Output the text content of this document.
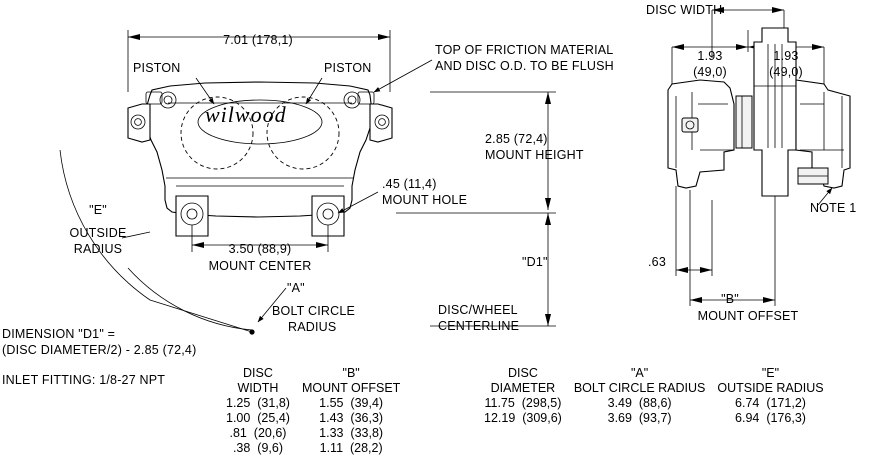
7.01 (178,1)
PISTON	PISTON
wilwood
TOP OF FRICTION MATERIAL
AND DISC O.D. TO BE FLUSH
2.85 (72,4)
MOUNT HEIGHT
.45 (11,4)
MOUNT HOLE
"D1"
DISC/WHEEL
CENTERLINE
3.50 (88,9)
MOUNT CENTER
"E"
OUTSIDE
RADIUS
"A"
BOLT CIRCLE
RADIUS
DISC WIDTH
1.93
(49,0)
1.93
(49,0)
NOTE 1
.63
"B"
MOUNT OFFSET
DIMENSION "D1" =
(DISC DIAMETER/2) - 2.85 (72,4)
INLET FITTING: 1/8-27 NPT	DISC	"B"
WIDTH	MOUNT OFFSET
1.25  (31,8)	1.55  (39,4)
1.00  (25,4)	1.43  (36,3)
.81  (20,6)	1.33  (33,8)
.38  (9,6)	1.11  (28,2)
DISC	"A"	"E"
DIAMETER	BOLT CIRCLE RADIUS	OUTSIDE RADIUS
11.75  (298,5)	3.49  (88,6)	6.74  (171,2)
12.19  (309,6)	3.69  (93,7)	6.94  (176,3)
